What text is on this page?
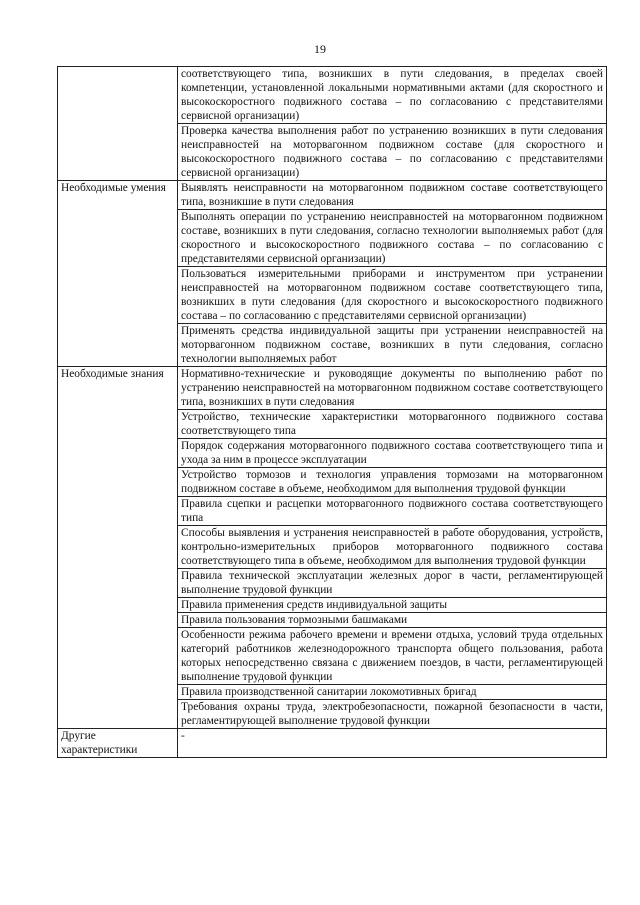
19
	соответствующего типа, возникших в пути следования, в пределах своей компетенции, установленной локальными нормативными актами (для скоростного и высокоскоростного подвижного состава – по согласованию с представителями сервисной организации)
	Проверка качества выполнения работ по устранению возникших в пути следования неисправностей на моторвагонном подвижном составе (для скоростного и высокоскоростного подвижного состава – по согласованию с представителями сервисной организации)
Необходимые умения	Выявлять неисправности на моторвагонном подвижном составе соответствующего типа, возникшие в пути следования
	Выполнять операции по устранению неисправностей на моторвагонном подвижном составе, возникших в пути следования, согласно технологии выполняемых работ (для скоростного и высокоскоростного подвижного состава – по согласованию с представителями сервисной организации)
	Пользоваться измерительными приборами и инструментом при устранении неисправностей на моторвагонном подвижном составе соответствующего типа, возникших в пути следования (для скоростного и высокоскоростного подвижного состава – по согласованию с представителями сервисной организации)
	Применять средства индивидуальной защиты при устранении неисправностей на моторвагонном подвижном составе, возникших в пути следования, согласно технологии выполняемых работ
Необходимые знания	Нормативно-технические и руководящие документы по выполнению работ по устранению неисправностей на моторвагонном подвижном составе соответствующего типа, возникших в пути следования
	Устройство, технические характеристики моторвагонного подвижного состава соответствующего типа
	Порядок содержания моторвагонного подвижного состава соответствующего типа и ухода за ним в процессе эксплуатации
	Устройство тормозов и технология управления тормозами на моторвагонном подвижном составе в объеме, необходимом для выполнения трудовой функции
	Правила сцепки и расцепки моторвагонного подвижного состава соответствующего типа
	Способы выявления и устранения неисправностей в работе оборудования, устройств, контрольно-измерительных приборов моторвагонного подвижного состава соответствующего типа в объеме, необходимом для выполнения трудовой функции
	Правила технической эксплуатации железных дорог в части, регламентирующей выполнение трудовой функции
	Правила применения средств индивидуальной защиты
	Правила пользования тормозными башмаками
	Особенности режима рабочего времени и времени отдыха, условий труда отдельных категорий работников железнодорожного транспорта общего пользования, работа которых непосредственно связана с движением поездов, в части, регламентирующей выполнение трудовой функции
	Правила производственной санитарии локомотивных бригад
	Требования охраны труда, электробезопасности, пожарной безопасности в части, регламентирующей выполнение трудовой функции
Другие характеристики	-
